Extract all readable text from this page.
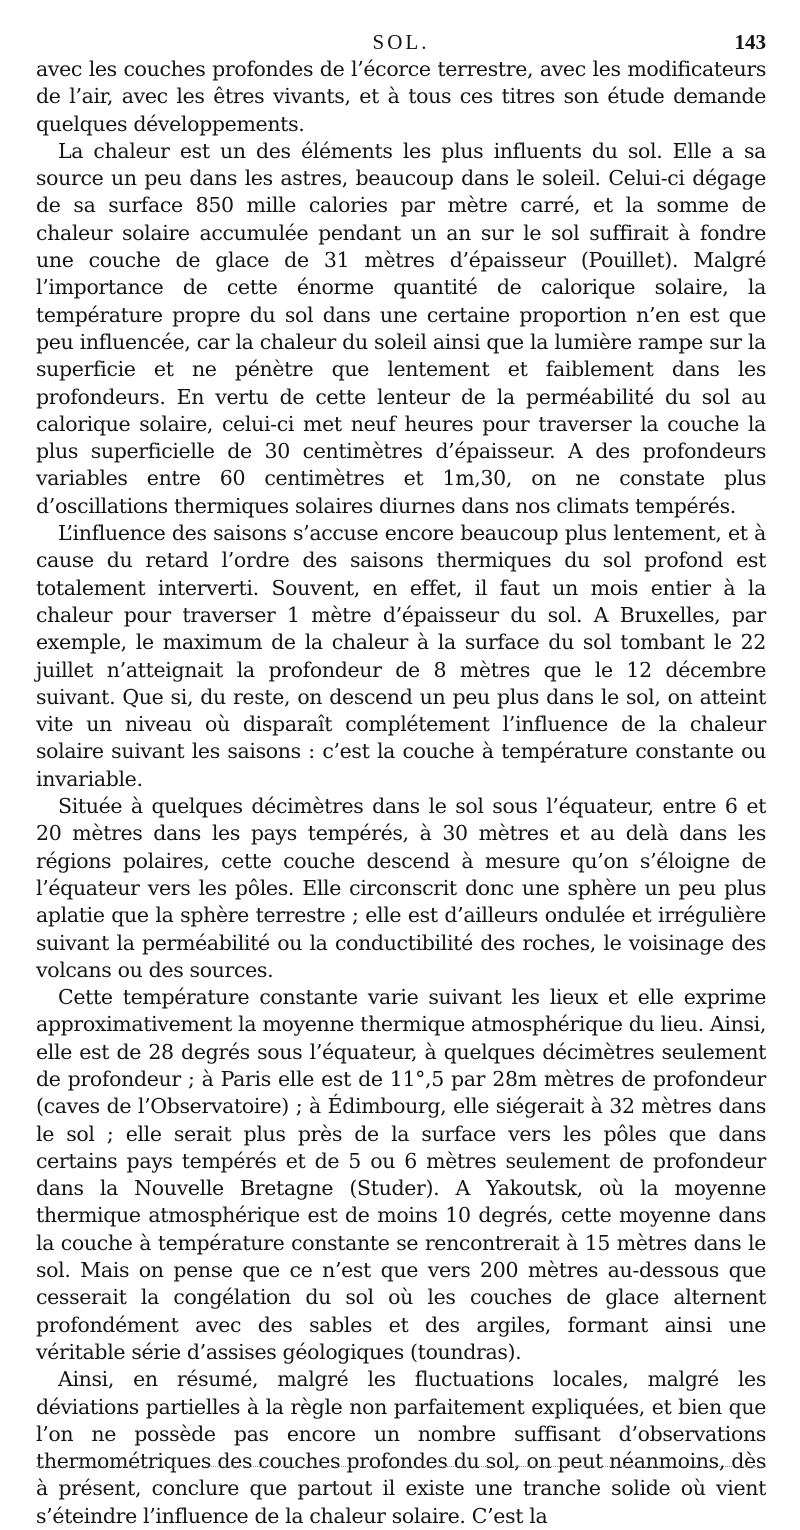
SOL.	143

avec les couches profondes de l’écorce terrestre, avec les modificateurs de l’air, avec les êtres vivants, et à tous ces titres son étude demande quelques développements.

La chaleur est un des éléments les plus influents du sol. Elle a sa source un peu dans les astres, beaucoup dans le soleil. Celui-ci dégage de sa surface 850 mille calories par mètre carré, et la somme de chaleur solaire accumulée pendant un an sur le sol suffirait à fondre une couche de glace de 31 mètres d’épaisseur (Pouillet). Malgré l’importance de cette énorme quantité de calorique solaire, la température propre du sol dans une certaine proportion n’en est que peu influencée, car la chaleur du soleil ainsi que la lumière rampe sur la superficie et ne pénètre que lentement et faiblement dans les profondeurs. En vertu de cette lenteur de la perméabilité du sol au calorique solaire, celui-ci met neuf heures pour traverser la couche la plus superficielle de 30 centimètres d’épaisseur. A des profondeurs variables entre 60 centimètres et 1m,30, on ne constate plus d’oscillations thermiques solaires diurnes dans nos climats tempérés.

L’influence des saisons s’accuse encore beaucoup plus lentement, et à cause du retard l’ordre des saisons thermiques du sol profond est totalement interverti. Souvent, en effet, il faut un mois entier à la chaleur pour traverser 1 mètre d’épaisseur du sol. A Bruxelles, par exemple, le maximum de la chaleur à la surface du sol tombant le 22 juillet n’atteignait la profondeur de 8 mètres que le 12 décembre suivant. Que si, du reste, on descend un peu plus dans le sol, on atteint vite un niveau où disparaît complétement l’influence de la chaleur solaire suivant les saisons : c’est la couche à température constante ou invariable.

Située à quelques décimètres dans le sol sous l’équateur, entre 6 et 20 mètres dans les pays tempérés, à 30 mètres et au delà dans les régions polaires, cette couche descend à mesure qu’on s’éloigne de l’équateur vers les pôles. Elle circonscrit donc une sphère un peu plus aplatie que la sphère terrestre ; elle est d’ailleurs ondulée et irrégulière suivant la perméabilité ou la conductibilité des roches, le voisinage des volcans ou des sources.

Cette température constante varie suivant les lieux et elle exprime approximativement la moyenne thermique atmosphérique du lieu. Ainsi, elle est de 28 degrés sous l’équateur, à quelques décimètres seulement de profondeur ; à Paris elle est de 11°,5 par 28m mètres de profondeur (caves de l’Observatoire) ; à Édimbourg, elle siégerait à 32 mètres dans le sol ; elle serait plus près de la surface vers les pôles que dans certains pays tempérés et de 5 ou 6 mètres seulement de profondeur dans la Nouvelle Bretagne (Studer). A Yakoutsk, où la moyenne thermique atmosphérique est de moins 10 degrés, cette moyenne dans la couche à température constante se rencontrerait à 15 mètres dans le sol. Mais on pense que ce n’est que vers 200 mètres au-dessous que cesserait la congélation du sol où les couches de glace alternent profondément avec des sables et des argiles, formant ainsi une véritable série d’assises géologiques (toundras).

Ainsi, en résumé, malgré les fluctuations locales, malgré les déviations partielles à la règle non parfaitement expliquées, et bien que l’on ne possède pas encore un nombre suffisant d’observations thermométriques des couches profondes du sol, on peut néanmoins, dès à présent, conclure que partout il existe une tranche solide où vient s’éteindre l’influence de la chaleur solaire. C’est la
